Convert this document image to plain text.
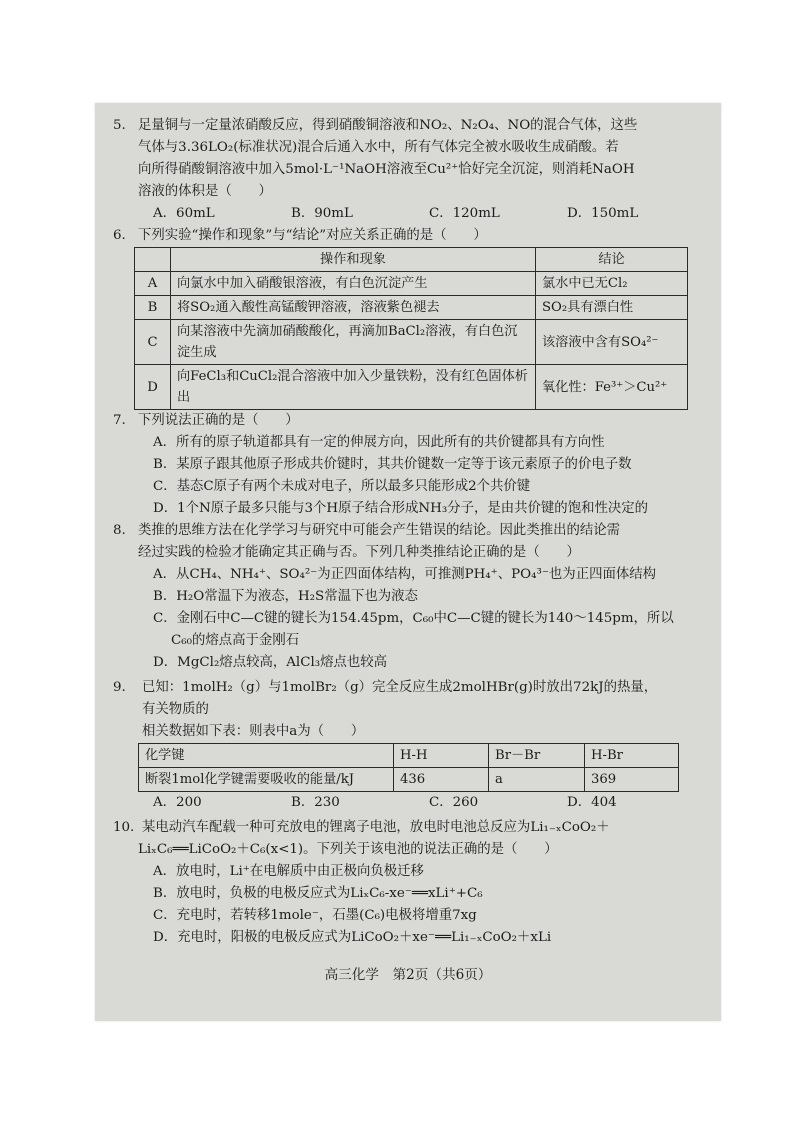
5. 足量铜与一定量浓硝酸反应，得到硝酸铜溶液和NO₂、N₂O₄、NO的混合气体，这些
气体与3.36LO₂(标准状况)混合后通入水中，所有气体完全被水吸收生成硝酸。若
向所得硝酸铜溶液中加入5mol·L⁻¹NaOH溶液至Cu²⁺恰好完全沉淀，则消耗NaOH
溶液的体积是（　　）
A．60mL	B．90mL	C．120mL	D．150mL
6. 下列实验“操作和现象”与“结论”对应关系正确的是（　　）
	操作和现象	结论
A	向氯水中加入硝酸银溶液，有白色沉淀产生	氯水中已无Cl₂
B	将SO₂通入酸性高锰酸钾溶液，溶液紫色褪去	SO₂具有漂白性
C	向某溶液中先滴加硝酸酸化，再滴加BaCl₂溶液，有白色沉淀生成	该溶液中含有SO₄²⁻
D	向FeCl₃和CuCl₂混合溶液中加入少量铁粉，没有红色固体析出	氧化性：Fe³⁺＞Cu²⁺
7. 下列说法正确的是（　　）
A．所有的原子轨道都具有一定的伸展方向，因此所有的共价键都具有方向性
B．某原子跟其他原子形成共价键时，其共价键数一定等于该元素原子的价电子数
C．基态C原子有两个未成对电子，所以最多只能形成2个共价键
D．1个N原子最多只能与3个H原子结合形成NH₃分子，是由共价键的饱和性决定的
8. 类推的思维方法在化学学习与研究中可能会产生错误的结论。因此类推出的结论需
经过实践的检验才能确定其正确与否。下列几种类推结论正确的是（　　）
A．从CH₄、NH₄⁺、SO₄²⁻为正四面体结构，可推测PH₄⁺、PO₄³⁻也为正四面体结构
B．H₂O常温下为液态，H₂S常温下也为液态
C．金刚石中C—C键的键长为154.45pm，C₆₀中C—C键的键长为140～145pm，所以
C₆₀的熔点高于金刚石
D．MgCl₂熔点较高，AlCl₃熔点也较高
9. 已知：1molH₂（g）与1molBr₂（g）完全反应生成2molHBr(g)时放出72kJ的热量，
有关物质的
相关数据如下表：则表中a为（　　）
化学键	H-H	Br－Br	H-Br
断裂1mol化学键需要吸收的能量/kJ	436	a	369
A．200	B．230	C．260	D．404
10. 某电动汽车配载一种可充放电的锂离子电池，放电时电池总反应为Li₁₋ₓCoO₂＋
LiₓC₆══LiCoO₂＋C₆(x<1)。下列关于该电池的说法正确的是（　　）
A．放电时，Li⁺在电解质中由正极向负极迁移
B．放电时，负极的电极反应式为LiₓC₆-xe⁻══xLi⁺+C₆
C．充电时，若转移1mole⁻，石墨(C₆)电极将增重7xg
D．充电时，阳极的电极反应式为LiCoO₂＋xe⁻══Li₁₋ₓCoO₂＋xLi
高三化学　第2页（共6页）
